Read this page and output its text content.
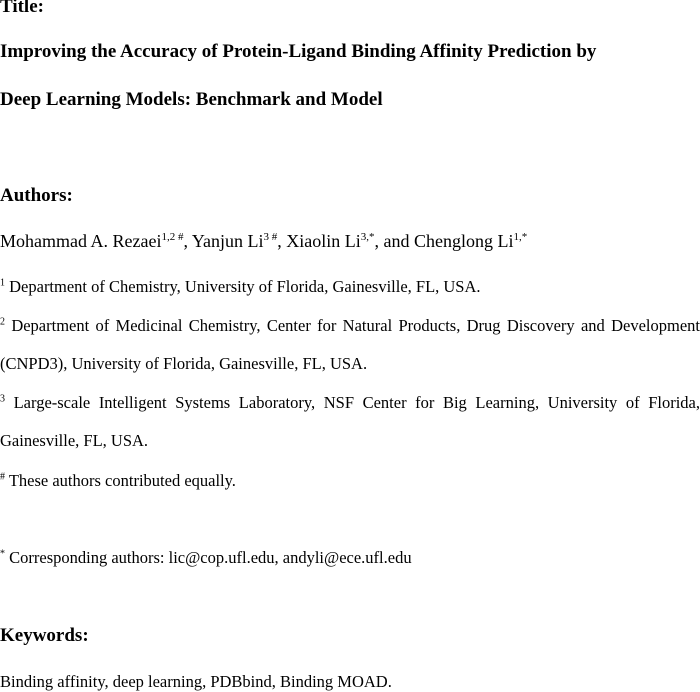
Title:

Improving the Accuracy of Protein-Ligand Binding Affinity Prediction by

Deep Learning Models: Benchmark and Model

Authors:

Mohammad A. Rezaei$^{1,2 \#}$, Yanjun $Li^{3 \#}$, Xiaolin $Li^{3,*}$, and Chenglong $Li^{1,*}$

$^1$ Department of Chemistry, University of Florida, Gainesville, FL, USA.

$^2$ Department of Medicinal Chemistry, Center for Natural Products, Drug Discovery and Development

(CNPD3), University of Florida, Gainesville, FL, USA.

$^3$ Large-scale Intelligent Systems Laboratory, NSF Center for Big Learning, University of Florida,

Gainesville, FL, USA.

# These authors contributed equally.

* Corresponding authors: lic@cop.ufl.edu, andyli@ece.ufl.edu

Keywords:

Binding affinity, deep learning, PDBbind, Binding MOAD.
